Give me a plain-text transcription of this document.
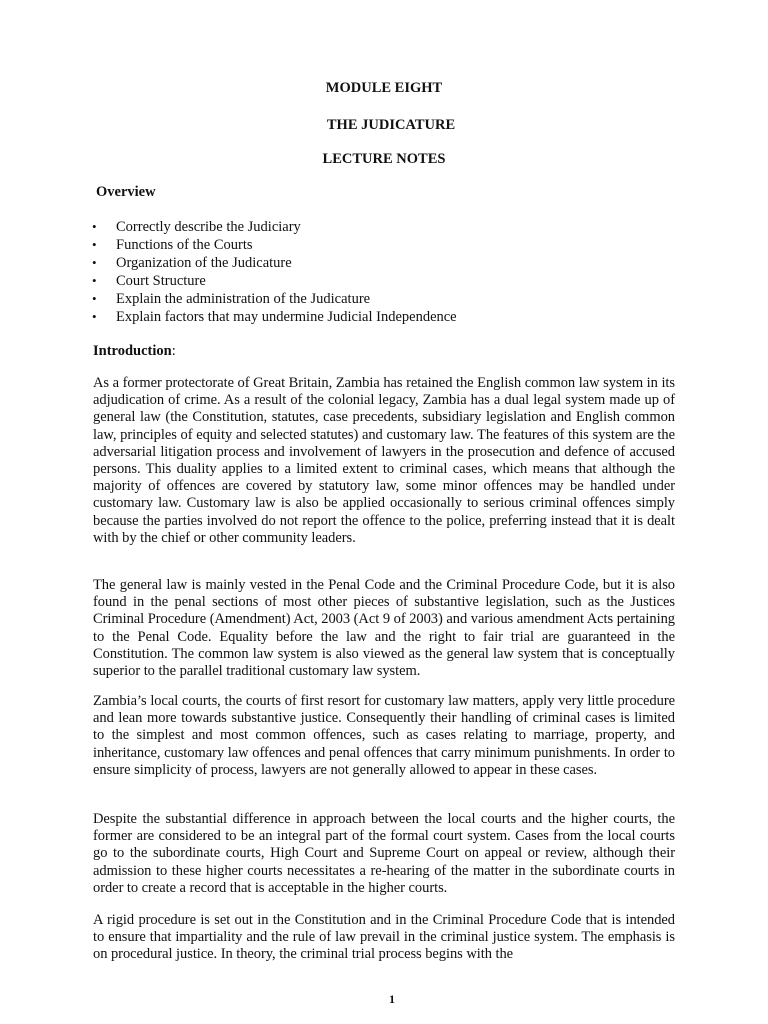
MODULE EIGHT
THE JUDICATURE
LECTURE NOTES

Overview

• Correctly describe the Judiciary
• Functions of the Courts
• Organization of the Judicature
• Court Structure
• Explain the administration of the Judicature
• Explain factors that may undermine Judicial Independence

Introduction:

As a former protectorate of Great Britain, Zambia has retained the English common law system in its adjudication of crime. As a result of the colonial legacy, Zambia has a dual legal system made up of general law (the Constitution, statutes, case precedents, subsidiary legislation and English common law, principles of equity and selected statutes) and customary law. The features of this system are the adversarial litigation process and involvement of lawyers in the prosecution and defence of accused persons. This duality applies to a limited extent to criminal cases, which means that although the majority of offences are covered by statutory law, some minor offences may be handled under customary law. Customary law is also be applied occasionally to serious criminal offences simply because the parties involved do not report the offence to the police, preferring instead that it is dealt with by the chief or other community leaders.

The general law is mainly vested in the Penal Code and the Criminal Procedure Code, but it is also found in the penal sections of most other pieces of substantive legislation, such as the Justices Criminal Procedure (Amendment) Act, 2003 (Act 9 of 2003) and various amendment Acts pertaining to the Penal Code. Equality before the law and the right to fair trial are guaranteed in the Constitution. The common law system is also viewed as the general law system that is conceptually superior to the parallel traditional customary law system.

Zambia’s local courts, the courts of first resort for customary law matters, apply very little procedure and lean more towards substantive justice. Consequently their handling of criminal cases is limited to the simplest and most common offences, such as cases relating to marriage, property, and inheritance, customary law offences and penal offences that carry minimum punishments. In order to ensure simplicity of process, lawyers are not generally allowed to appear in these cases.

Despite the substantial difference in approach between the local courts and the higher courts, the former are considered to be an integral part of the formal court system. Cases from the local courts go to the subordinate courts, High Court and Supreme Court on appeal or review, although their admission to these higher courts necessitates a re-hearing of the matter in the subordinate courts in order to create a record that is acceptable in the higher courts.

A rigid procedure is set out in the Constitution and in the Criminal Procedure Code that is intended to ensure that impartiality and the rule of law prevail in the criminal justice system. The emphasis is on procedural justice. In theory, the criminal trial process begins with the

1
